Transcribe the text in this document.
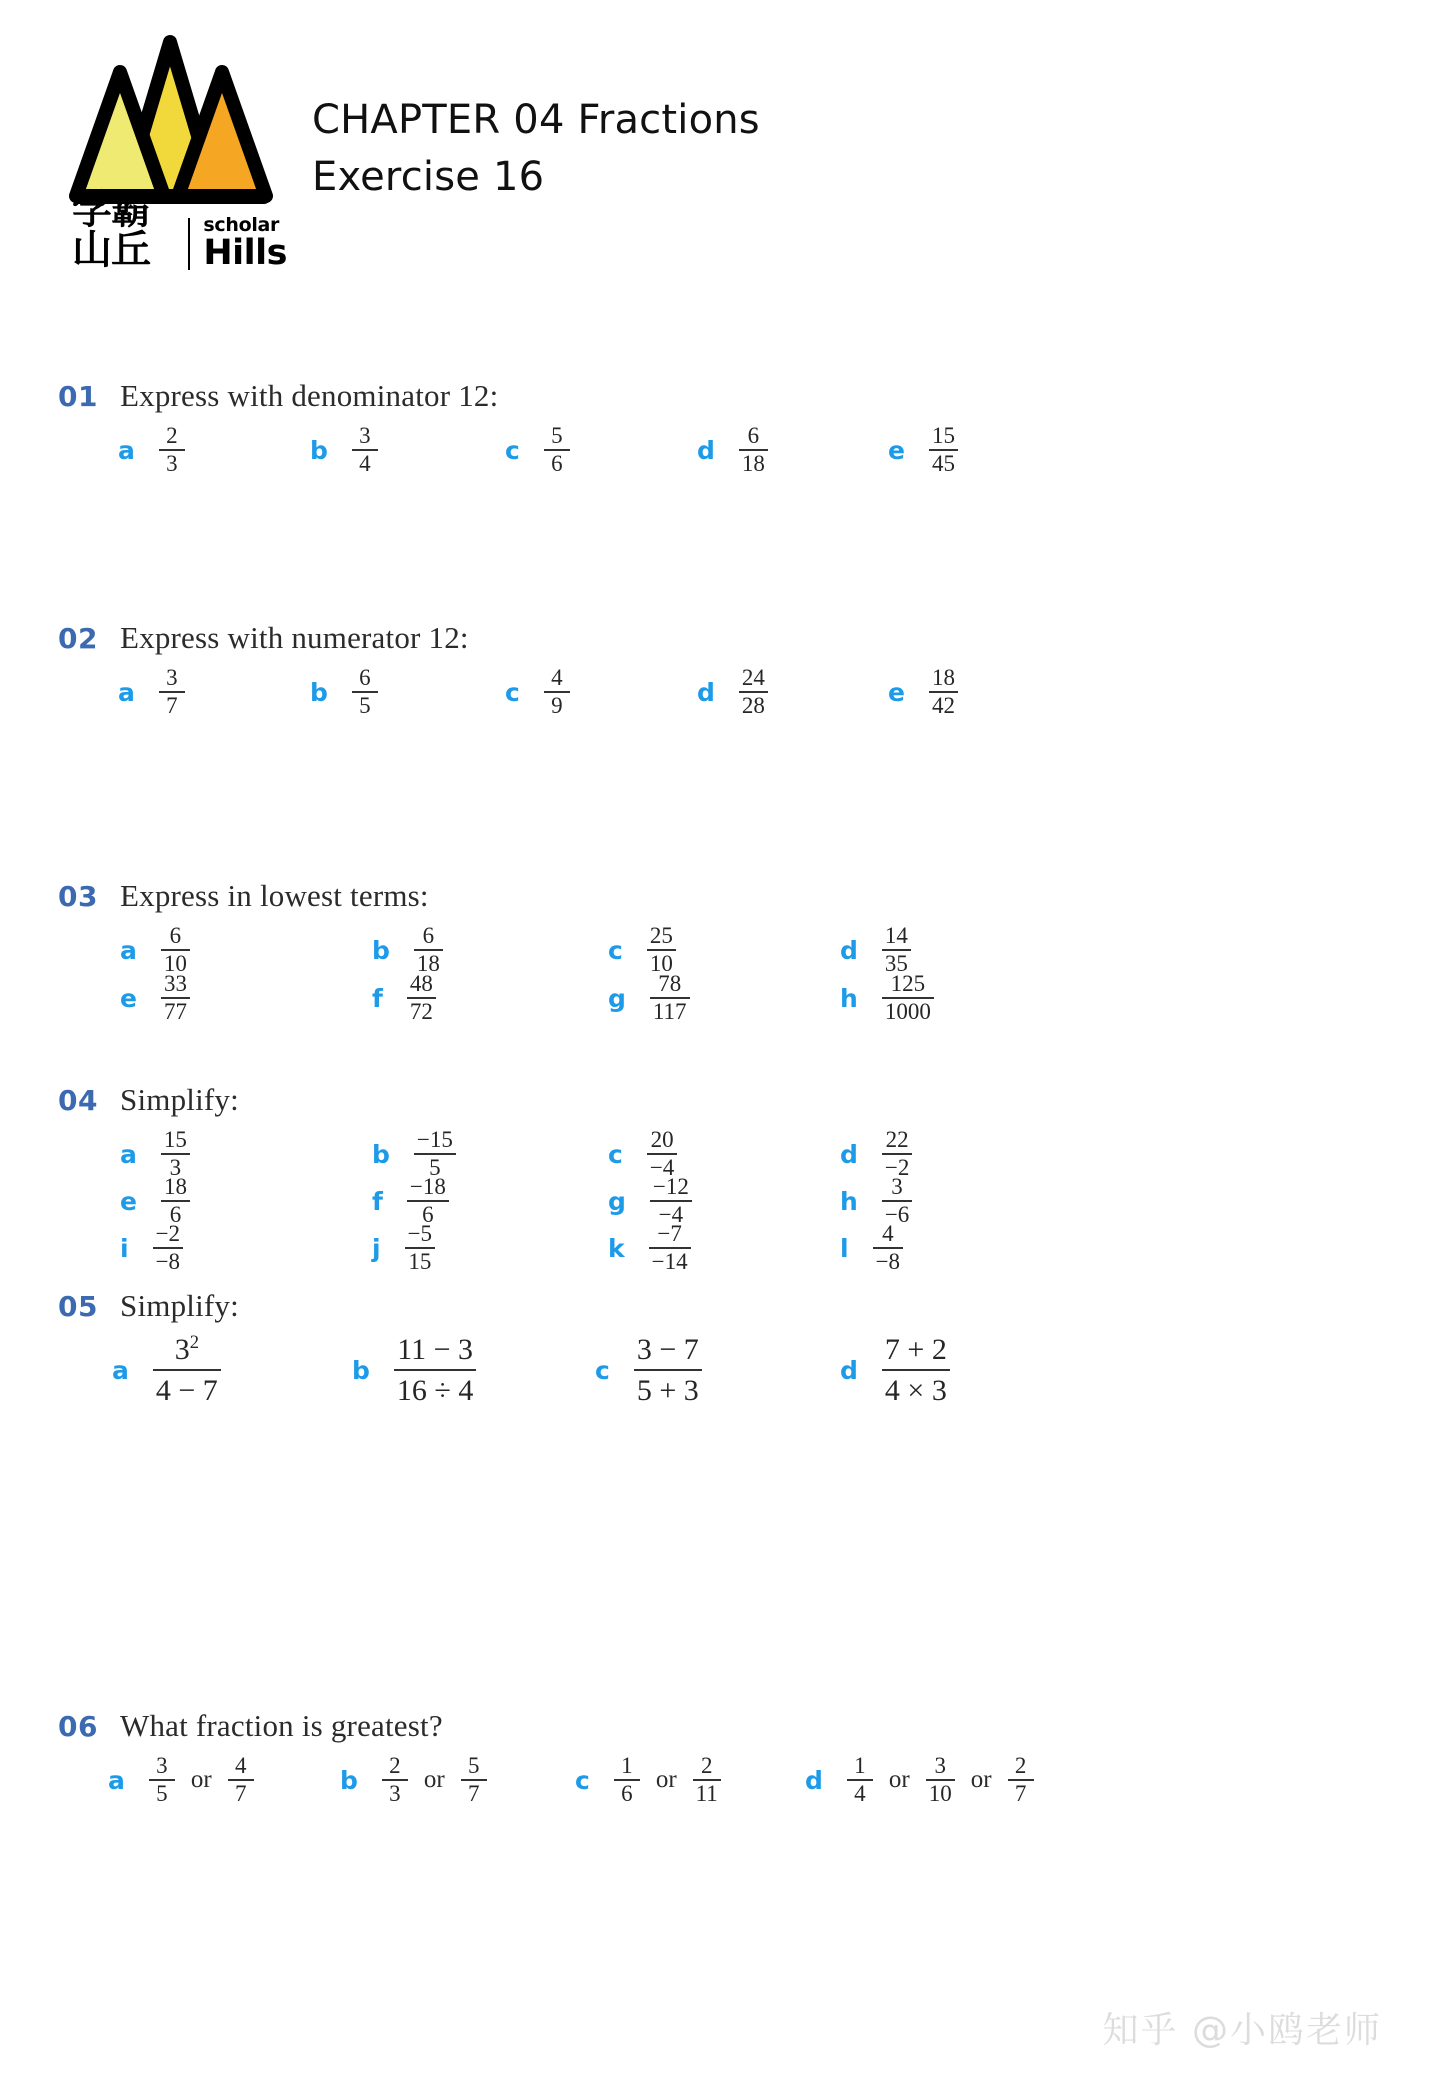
学霸山丘
scholar
Hills
CHAPTER 04 Fractions
Exercise 16
01 Express with denominator 12:
a $\frac{2}{3}$	b $\frac{3}{4}$	c $\frac{5}{6}$	d $\frac{6}{18}$	e $\frac{15}{45}$
02 Express with numerator 12:
a $\frac{3}{7}$	b $\frac{6}{5}$	c $\frac{4}{9}$	d $\frac{24}{28}$	e $\frac{18}{42}$
03 Express in lowest terms:
a $\frac{6}{10}$	b $\frac{6}{18}$	c $\frac{25}{10}$	d $\frac{14}{35}$
e $\frac{33}{77}$	f $\frac{48}{72}$	g $\frac{78}{117}$	h $\frac{125}{1000}$
04 Simplify:
a $\frac{15}{3}$	b $\frac{-15}{5}$	c $\frac{20}{-4}$	d $\frac{22}{-2}$
e $\frac{18}{6}$	f $\frac{-18}{6}$	g $\frac{-12}{-4}$	h $\frac{3}{-6}$
i $\frac{-2}{-8}$	j $\frac{-5}{15}$	k $\frac{-7}{-14}$	l $\frac{4}{-8}$
05 Simplify:
a $\frac{3^2}{4 - 7}$	b $\frac{11 - 3}{16 \div 4}$	c $\frac{3 - 7}{5 + 3}$	d $\frac{7 + 2}{4 \times 3}$
06 What fraction is greatest?
a $\frac{3}{5}$ or $\frac{4}{7}$	b $\frac{2}{3}$ or $\frac{5}{7}$	c $\frac{1}{6}$ or $\frac{2}{11}$	d $\frac{1}{4}$ or $\frac{3}{10}$ or $\frac{2}{7}$
知乎 @小鸥老师
